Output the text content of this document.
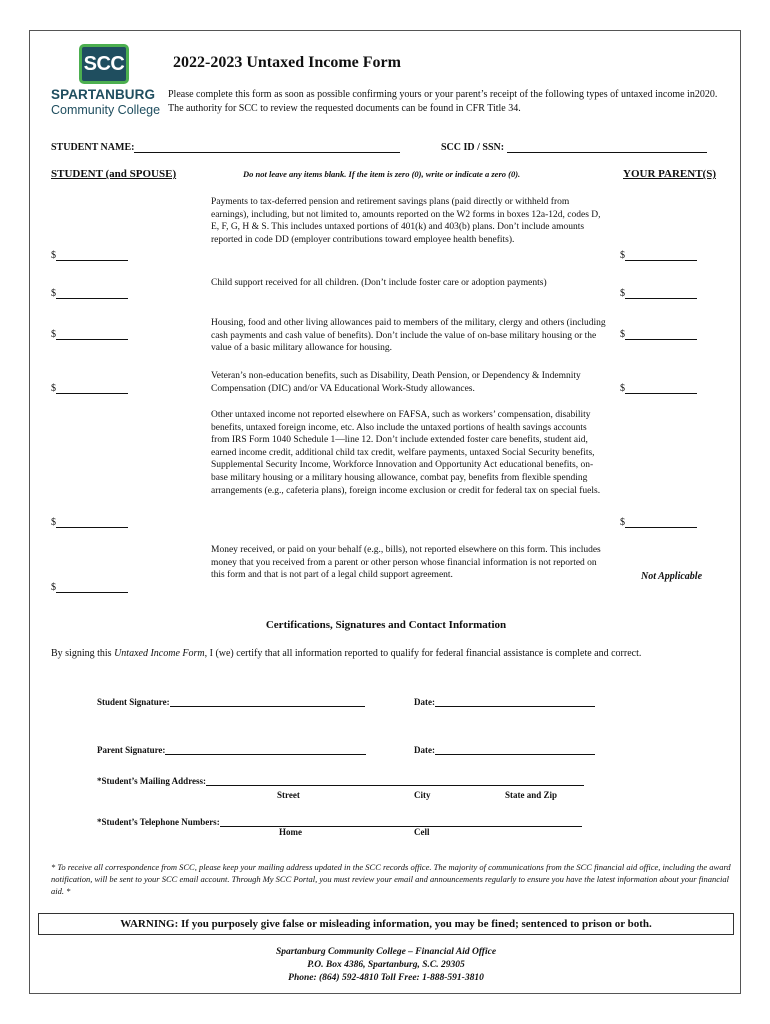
SCC
SPARTANBURG
Community College
2022-2023 Untaxed Income Form
Please complete this form as soon as possible confirming yours or your parent’s receipt of the following types of untaxed income in2020. The authority for SCC to review the requested documents can be found in CFR Title 34.
STUDENT NAME:	SCC ID / SSN:
STUDENT (and SPOUSE)	Do not leave any items blank. If the item is zero (0), write or indicate a zero (0).	YOUR PARENT(S)
Payments to tax-deferred pension and retirement savings plans (paid directly or withheld from earnings), including, but not limited to, amounts reported on the W2 forms in boxes 12a-12d, codes D, E, F, G, H & S. This includes untaxed portions of 401(k) and 403(b) plans. Don’t include amounts reported in code DD (employer contributions toward employee health benefits).
$	$
Child support received for all children. (Don’t include foster care or adoption payments)
$	$
Housing, food and other living allowances paid to members of the military, clergy and others (including cash payments and cash value of benefits). Don’t include the value of on-base military housing or the value of a basic military allowance for housing.
$	$
Veteran’s non-education benefits, such as Disability, Death Pension, or Dependency & Indemnity Compensation (DIC) and/or VA Educational Work-Study allowances.
$	$
Other untaxed income not reported elsewhere on FAFSA, such as workers’ compensation, disability benefits, untaxed foreign income, etc. Also include the untaxed portions of health savings accounts from IRS Form 1040 Schedule 1—line 12. Don’t include extended foster care benefits, student aid, earned income credit, additional child tax credit, welfare payments, untaxed Social Security benefits, Supplemental Security Income, Workforce Innovation and Opportunity Act educational benefits, on-base military housing or a military housing allowance, combat pay, benefits from flexible spending arrangements (e.g., cafeteria plans), foreign income exclusion or credit for federal tax on special fuels.
$	$
Money received, or paid on your behalf (e.g., bills), not reported elsewhere on this form. This includes money that you received from a parent or other person whose financial information is not reported on this form and that is not part of a legal child support agreement.
$
Not Applicable
Certifications, Signatures and Contact Information
By signing this Untaxed Income Form, I (we) certify that all information reported to qualify for federal financial assistance is complete and correct.
Student Signature:	Date:
Parent Signature:	Date:
*Student’s Mailing Address:
Street	City	State and Zip
*Student’s Telephone Numbers:
Home	Cell
* To receive all correspondence from SCC, please keep your mailing address updated in the SCC records office. The majority of communications from the SCC financial aid office, including the award notification, will be sent to your SCC email account. Through My SCC Portal, you must review your email and announcements regularly to ensure you have the latest information about your financial aid. *
WARNING: If you purposely give false or misleading information, you may be fined; sentenced to prison or both.
Spartanburg Community College – Financial Aid Office
P.O. Box 4386, Spartanburg, S.C. 29305
Phone: (864) 592-4810 Toll Free: 1-888-591-3810
